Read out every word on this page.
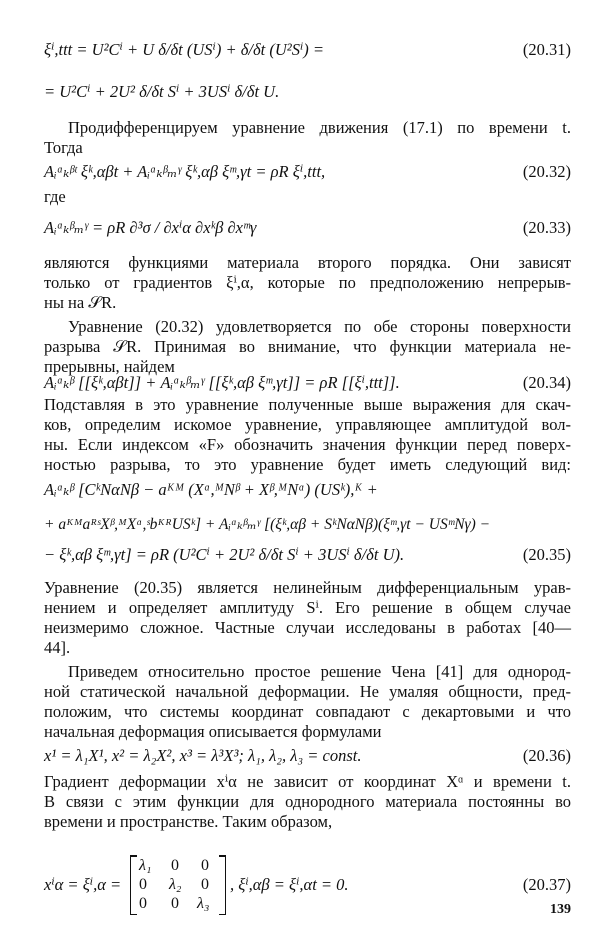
ξⁱ,ttt = U²Cⁱ + U δ/δt (USⁱ) + δ/δt (U²Sⁱ) =	(20.31)
= U²Cⁱ + 2U² δ/δt Sⁱ + 3USⁱ δ/δt U.
Продифференцируем уравнение движения (17.1) по времени t.
Тогда
Aᵢᵅₖᵝᵗ ξᵏ,αβt + Aᵢᵅₖᵝₘᵞ ξᵏ,αβ ξᵐ,γt = ρR ξⁱ,ttt,	(20.32)
где
Aᵢᵅₖᵝₘᵞ = ρR ∂³σ / ∂xⁱα ∂xᵏβ ∂xᵐγ	(20.33)
являются функциями материала второго порядка. Они зависят
только от градиентов ξⁱ,α, которые по предположению непрерыв-
ны на 𝒮R.
Уравнение (20.32) удовлетворяется по обе стороны поверхности
разрыва 𝒮R. Принимая во внимание, что функции материала не-
прерывны, найдем
Aᵢᵅₖᵝ [[ξᵏ,αβt]] + Aᵢᵅₖᵝₘᵞ [[ξᵏ,αβ ξᵐ,γt]] = ρR [[ξⁱ,ttt]].	(20.34)
Подставляя в это уравнение полученные выше выражения для скач-
ков, определим искомое уравнение, управляющее амплитудой вол-
ны. Если индексом «F» обозначить значения функции перед поверх-
ностью разрыва, то это уравнение будет иметь следующий вид:
Aᵢᵅₖᵝ [CᵏNαNβ − aᴷᴹ (Xᵅ,ᴹNᵝ + Xᵝ,ᴹNᵅ) (USᵏ),ᴷ +
+ aᴷᴹaᴿˢXᵝ,ᴹXᵅ,ˢbᴷᴿUSᵏ] + Aᵢᵅₖᵝₘᵞ [(ξᵏ,αβ + SᵏNαNβ)(ξᵐ,γt − USᵐNγ) −
− ξᵏ,αβ ξᵐ,γt] = ρR (U²Cⁱ + 2U² δ/δt Sⁱ + 3USⁱ δ/δt U).	(20.35)
Уравнение (20.35) является нелинейным дифференциальным урав-
нением и определяет амплитуду Sⁱ. Его решение в общем случае
неизмеримо сложное. Частные случаи исследованы в работах [40—
44].
Приведем относительно простое решение Чена [41] для однород-
ной статической начальной деформации. Не умаляя общности, пред-
положим, что системы координат совпадают с декартовыми и что
начальная деформация описывается формулами
x¹ = λ₁X¹, x² = λ₂X², x³ = λ³X³; λ₁, λ₂, λ₃ = const.	(20.36)
Градиент деформации xⁱα не зависит от координат Xᵅ и времени t.
В связи с этим функции для однородного материала постоянны во
времени и пространстве. Таким образом,
xⁱα = ξⁱ,α =
λ₁ 0 0
0 λ₂ 0
0 0 λ₃
, ξⁱ,αβ = ξⁱ,αt = 0.	(20.37)
139
